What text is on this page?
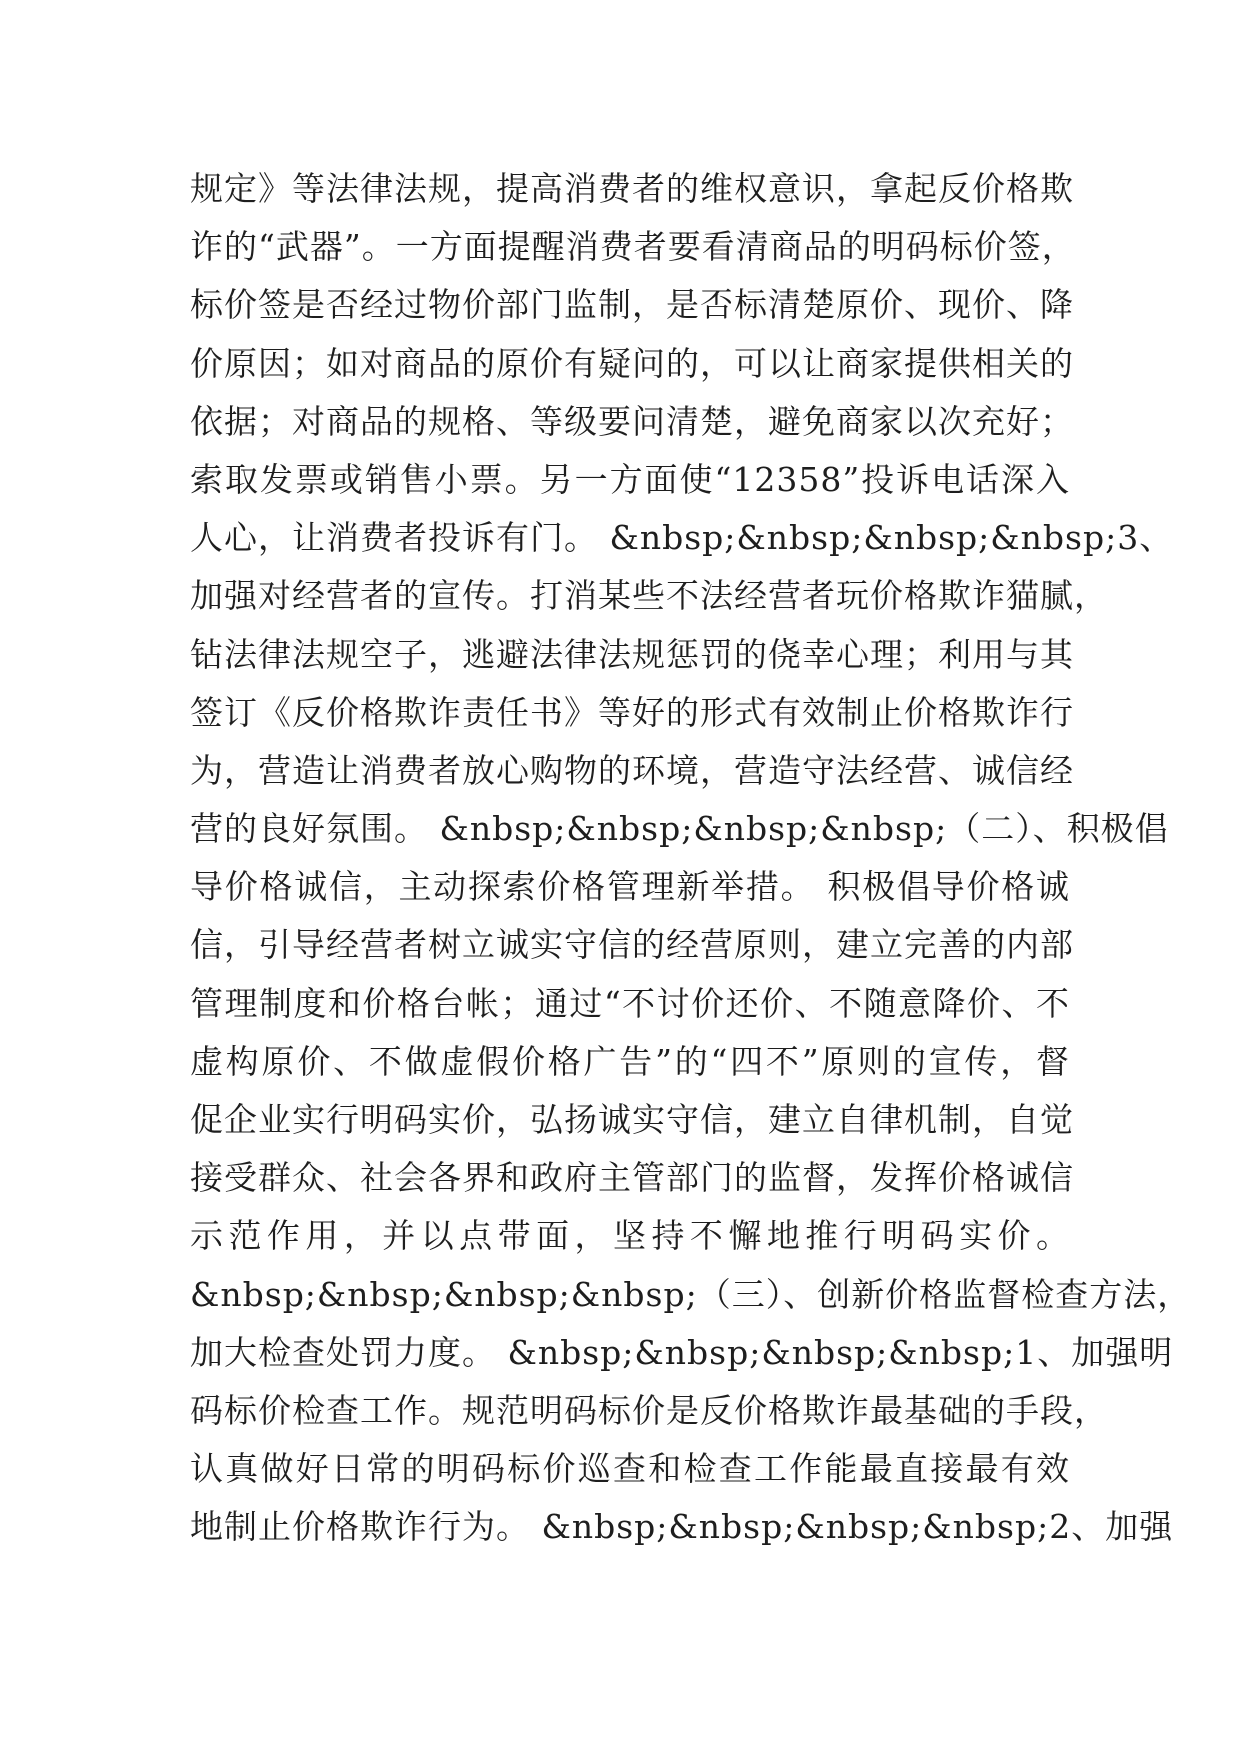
规定》等法律法规，提高消费者的维权意识，拿起反价格欺
诈的“武器”。一方面提醒消费者要看清商品的明码标价签，
标价签是否经过物价部门监制，是否标清楚原价、现价、降
价原因；如对商品的原价有疑问的，可以让商家提供相关的
依据；对商品的规格、等级要问清楚，避免商家以次充好；
索取发票或销售小票。另一方面使“12358”投诉电话深入
人心，让消费者投诉有门。 &nbsp;&nbsp;&nbsp;&nbsp;3、
加强对经营者的宣传。打消某些不法经营者玩价格欺诈猫腻，
钻法律法规空子，逃避法律法规惩罚的侥幸心理；利用与其
签订《反价格欺诈责任书》等好的形式有效制止价格欺诈行
为，营造让消费者放心购物的环境，营造守法经营、诚信经
营的良好氛围。 &nbsp;&nbsp;&nbsp;&nbsp;（二）、积极倡
导价格诚信，主动探索价格管理新举措。 积极倡导价格诚
信，引导经营者树立诚实守信的经营原则，建立完善的内部
管理制度和价格台帐；通过“不讨价还价、不随意降价、不
虚构原价、不做虚假价格广告”的“四不”原则的宣传，督
促企业实行明码实价，弘扬诚实守信，建立自律机制，自觉
接受群众、社会各界和政府主管部门的监督，发挥价格诚信
示范作用，并以点带面，坚持不懈地推行明码实价。
&nbsp;&nbsp;&nbsp;&nbsp;（三）、创新价格监督检查方法，
加大检查处罚力度。 &nbsp;&nbsp;&nbsp;&nbsp;1、加强明
码标价检查工作。规范明码标价是反价格欺诈最基础的手段，
认真做好日常的明码标价巡查和检查工作能最直接最有效
地制止价格欺诈行为。 &nbsp;&nbsp;&nbsp;&nbsp;2、加强
